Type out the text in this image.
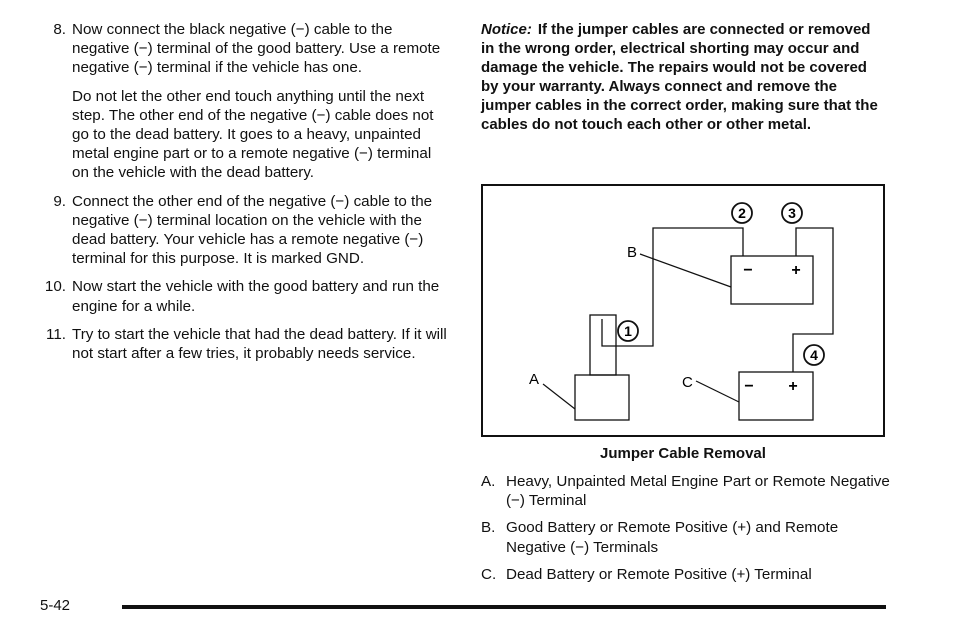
8. Now connect the black negative (−) cable to the negative (−) terminal of the good battery. Use a remote negative (−) terminal if the vehicle has one.

Do not let the other end touch anything until the next step. The other end of the negative (−) cable does not go to the dead battery. It goes to a heavy, unpainted metal engine part or to a remote negative (−) terminal on the vehicle with the dead battery.

9. Connect the other end of the negative (−) cable to the negative (−) terminal location on the vehicle with the dead battery. Your vehicle has a remote negative (−) terminal for this purpose. It is marked GND.

10. Now start the vehicle with the good battery and run the engine for a while.

11. Try to start the vehicle that had the dead battery. If it will not start after a few tries, it probably needs service.

Notice: If the jumper cables are connected or removed in the wrong order, electrical shorting may occur and damage the vehicle. The repairs would not be covered by your warranty. Always connect and remove the jumper cables in the correct order, making sure that the cables do not touch each other or other metal.

2	3
1
4
B
A	C
− +
− +
Jumper Cable Removal
A. Heavy, Unpainted Metal Engine Part or Remote Negative (−) Terminal
B. Good Battery or Remote Positive (+) and Remote Negative (−) Terminals
C. Dead Battery or Remote Positive (+) Terminal
5-42
